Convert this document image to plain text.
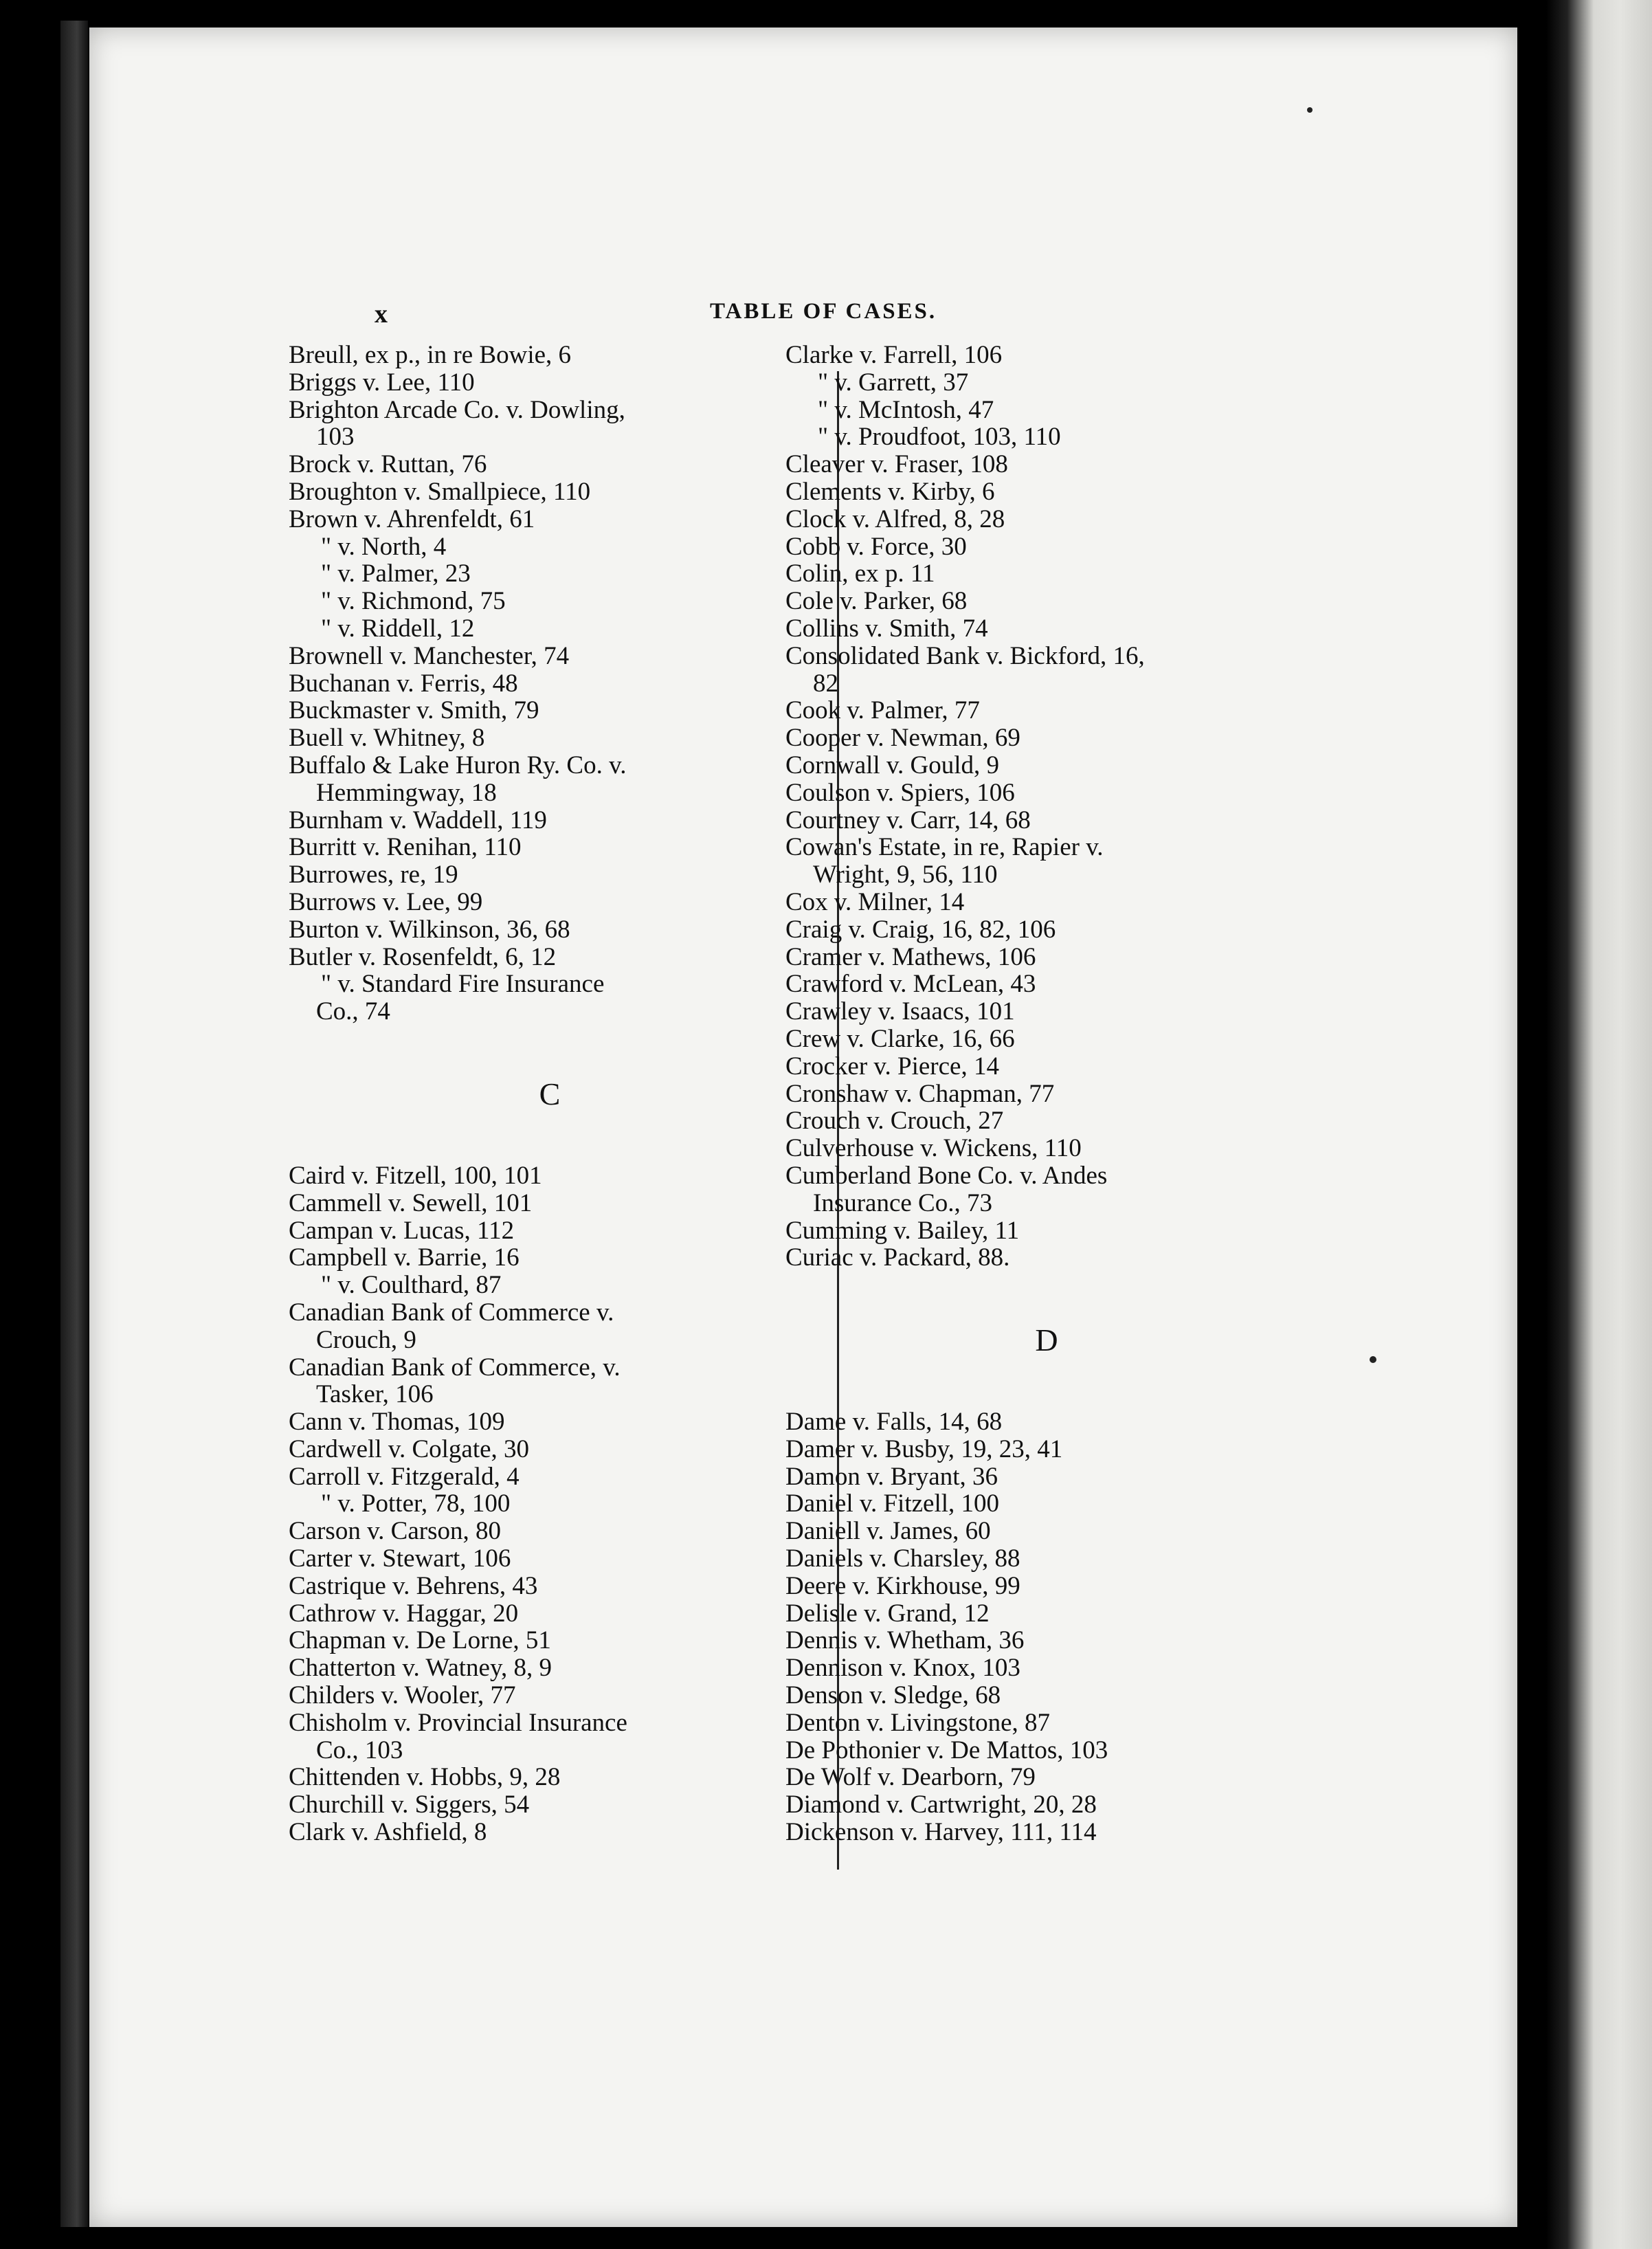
x	TABLE OF CASES.
Breull, ex p., in re Bowie, 6
Briggs v. Lee, 110
Brighton Arcade Co. v. Dowling,
103
Brock v. Ruttan, 76
Broughton v. Smallpiece, 110
Brown v. Ahrenfeldt, 61
" v. North, 4
" v. Palmer, 23
" v. Richmond, 75
" v. Riddell, 12
Brownell v. Manchester, 74
Buchanan v. Ferris, 48
Buckmaster v. Smith, 79
Buell v. Whitney, 8
Buffalo & Lake Huron Ry. Co. v.
Hemmingway, 18
Burnham v. Waddell, 119
Burritt v. Renihan, 110
Burrowes, re, 19
Burrows v. Lee, 99
Burton v. Wilkinson, 36, 68
Butler v. Rosenfeldt, 6, 12
" v. Standard Fire Insurance
Co., 74
C
Caird v. Fitzell, 100, 101
Cammell v. Sewell, 101
Campan v. Lucas, 112
Campbell v. Barrie, 16
" v. Coulthard, 87
Canadian Bank of Commerce v.
Crouch, 9
Canadian Bank of Commerce, v.
Tasker, 106
Cann v. Thomas, 109
Cardwell v. Colgate, 30
Carroll v. Fitzgerald, 4
" v. Potter, 78, 100
Carson v. Carson, 80
Carter v. Stewart, 106
Castrique v. Behrens, 43
Cathrow v. Haggar, 20
Chapman v. De Lorne, 51
Chatterton v. Watney, 8, 9
Childers v. Wooler, 77
Chisholm v. Provincial Insurance
Co., 103
Chittenden v. Hobbs, 9, 28
Churchill v. Siggers, 54
Clark v. Ashfield, 8
Clarke v. Farrell, 106
" v. Garrett, 37
" v. McIntosh, 47
" v. Proudfoot, 103, 110
Cleaver v. Fraser, 108
Clements v. Kirby, 6
Clock v. Alfred, 8, 28
Cobb v. Force, 30
Colin, ex p. 11
Cole v. Parker, 68
Collins v. Smith, 74
Consolidated Bank v. Bickford, 16,
82
Cook v. Palmer, 77
Cooper v. Newman, 69
Cornwall v. Gould, 9
Coulson v. Spiers, 106
Courtney v. Carr, 14, 68
Cowan's Estate, in re, Rapier v.
Wright, 9, 56, 110
Cox v. Milner, 14
Craig v. Craig, 16, 82, 106
Cramer v. Mathews, 106
Crawford v. McLean, 43
Crawley v. Isaacs, 101
Crew v. Clarke, 16, 66
Crocker v. Pierce, 14
Cronshaw v. Chapman, 77
Crouch v. Crouch, 27
Culverhouse v. Wickens, 110
Cumberland Bone Co. v. Andes
Insurance Co., 73
Cumming v. Bailey, 11
Curiac v. Packard, 88.
D
Dame v. Falls, 14, 68
Damer v. Busby, 19, 23, 41
Damon v. Bryant, 36
Daniel v. Fitzell, 100
Daniell v. James, 60
Daniels v. Charsley, 88
Deere v. Kirkhouse, 99
Delisle v. Grand, 12
Dennis v. Whetham, 36
Dennison v. Knox, 103
Denson v. Sledge, 68
Denton v. Livingstone, 87
De Pothonier v. De Mattos, 103
De Wolf v. Dearborn, 79
Diamond v. Cartwright, 20, 28
Dickenson v. Harvey, 111, 114
